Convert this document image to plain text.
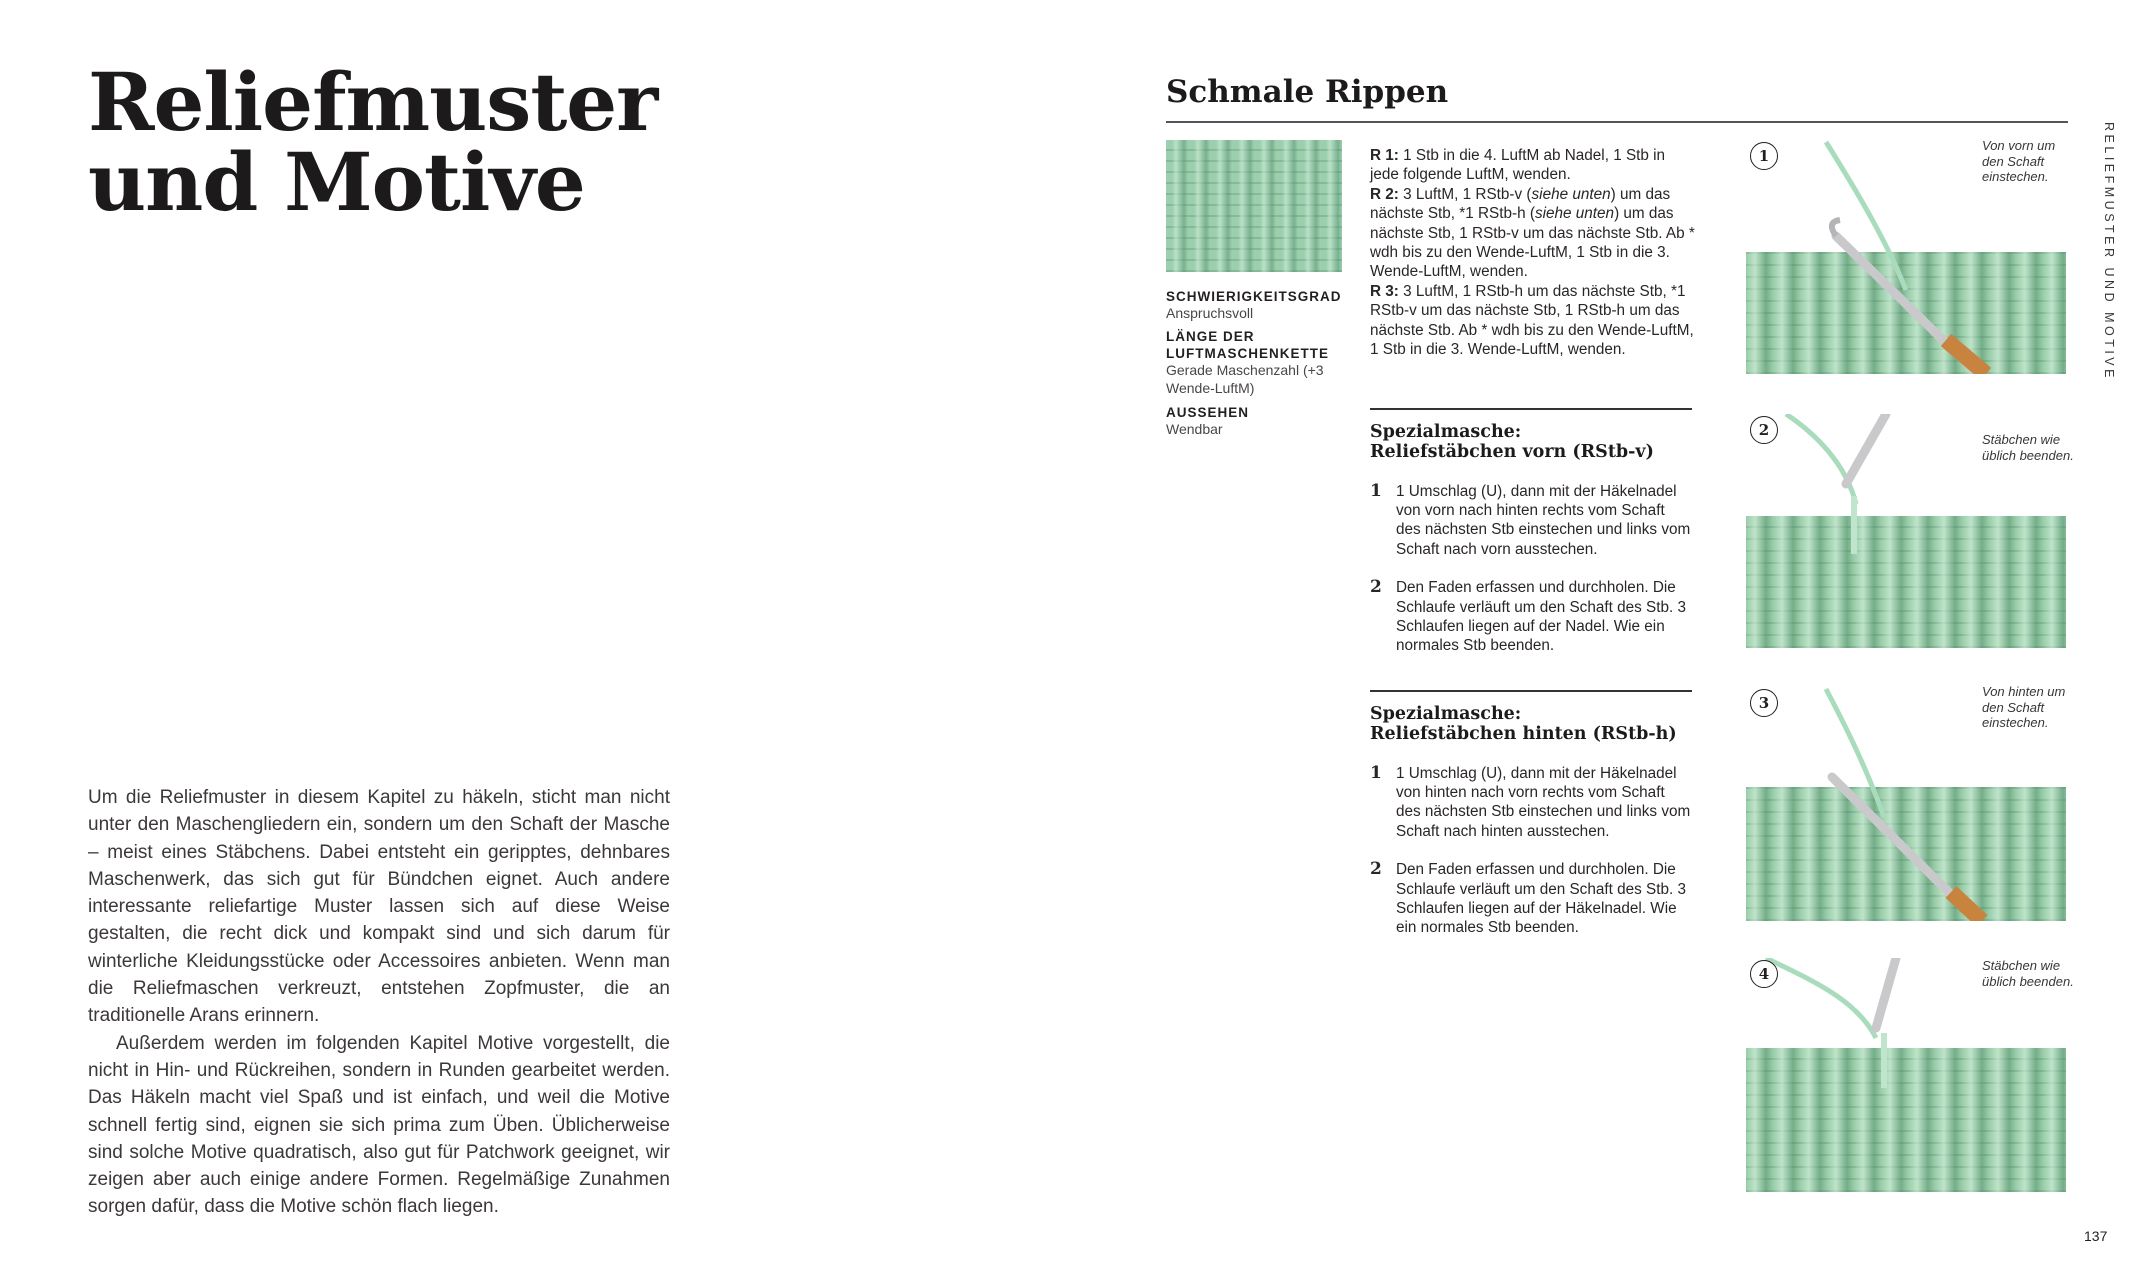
Reliefmuster
und Motive

Um die Reliefmuster in diesem Kapitel zu häkeln, sticht man nicht unter den Maschengliedern ein, sondern um den Schaft der Masche – meist eines Stäbchens. Dabei entsteht ein geripptes, dehnbares Maschenwerk, das sich gut für Bündchen eignet. Auch andere interessante reliefartige Muster lassen sich auf diese Weise gestalten, die recht dick und kompakt sind und sich darum für winterliche Kleidungsstücke oder Accessoires anbieten. Wenn man die Reliefmaschen verkreuzt, entstehen Zopfmuster, die an traditionelle Arans erinnern.

Außerdem werden im folgenden Kapitel Motive vorgestellt, die nicht in Hin- und Rückreihen, sondern in Runden gearbeitet werden. Das Häkeln macht viel Spaß und ist einfach, und weil die Motive schnell fertig sind, eignen sie sich prima zum Üben. Üblicherweise sind solche Motive quadratisch, also gut für Patchwork geeignet, wir zeigen aber auch einige andere Formen. Regelmäßige Zunahmen sorgen dafür, dass die Motive schön flach liegen.

Schmale Rippen
SCHWIERIGKEITSGRAD
Anspruchsvoll
LÄNGE DER LUFTMASCHENKETTE
Gerade Maschenzahl (+3 Wende-LuftM)
AUSSEHEN
Wendbar

R 1: 1 Stb in die 4. LuftM ab Nadel, 1 Stb in jede folgende LuftM, wenden.

R 2: 3 LuftM, 1 RStb-v (siehe unten) um das nächste Stb, *1 RStb-h (siehe unten) um das nächste Stb, 1 RStb-v um das nächste Stb. Ab * wdh bis zu den Wende-LuftM, 1 Stb in die 3. Wende-LuftM, wenden.

R 3: 3 LuftM, 1 RStb-h um das nächste Stb, *1 RStb-v um das nächste Stb, 1 RStb-h um das nächste Stb. Ab * wdh bis zu den Wende-LuftM, 1 Stb in die 3. Wende-LuftM, wenden.

Spezialmasche:
Reliefstäbchen vorn (RStb-v)
1 1 Umschlag (U), dann mit der Häkelnadel von vorn nach hinten rechts vom Schaft des nächsten Stb einstechen und links vom Schaft nach vorn ausstechen.
2 Den Faden erfassen und durchholen. Die Schlaufe verläuft um den Schaft des Stb. 3 Schlaufen liegen auf der Nadel. Wie ein normales Stb beenden.
Spezialmasche:
Reliefstäbchen hinten (RStb-h)
1 1 Umschlag (U), dann mit der Häkelnadel von hinten nach vorn rechts vom Schaft des nächsten Stb einstechen und links vom Schaft nach hinten ausstechen.
2 Den Faden erfassen und durchholen. Die Schlaufe verläuft um den Schaft des Stb. 3 Schlaufen liegen auf der Häkelnadel. Wie ein normales Stb beenden.
1
Von vorn um den Schaft einstechen.
2
Stäbchen wie üblich beenden.
3
Von hinten um den Schaft einstechen.
4	Stäbchen wie üblich beenden.
RELIEFMUSTER UND MOTIVE
137
